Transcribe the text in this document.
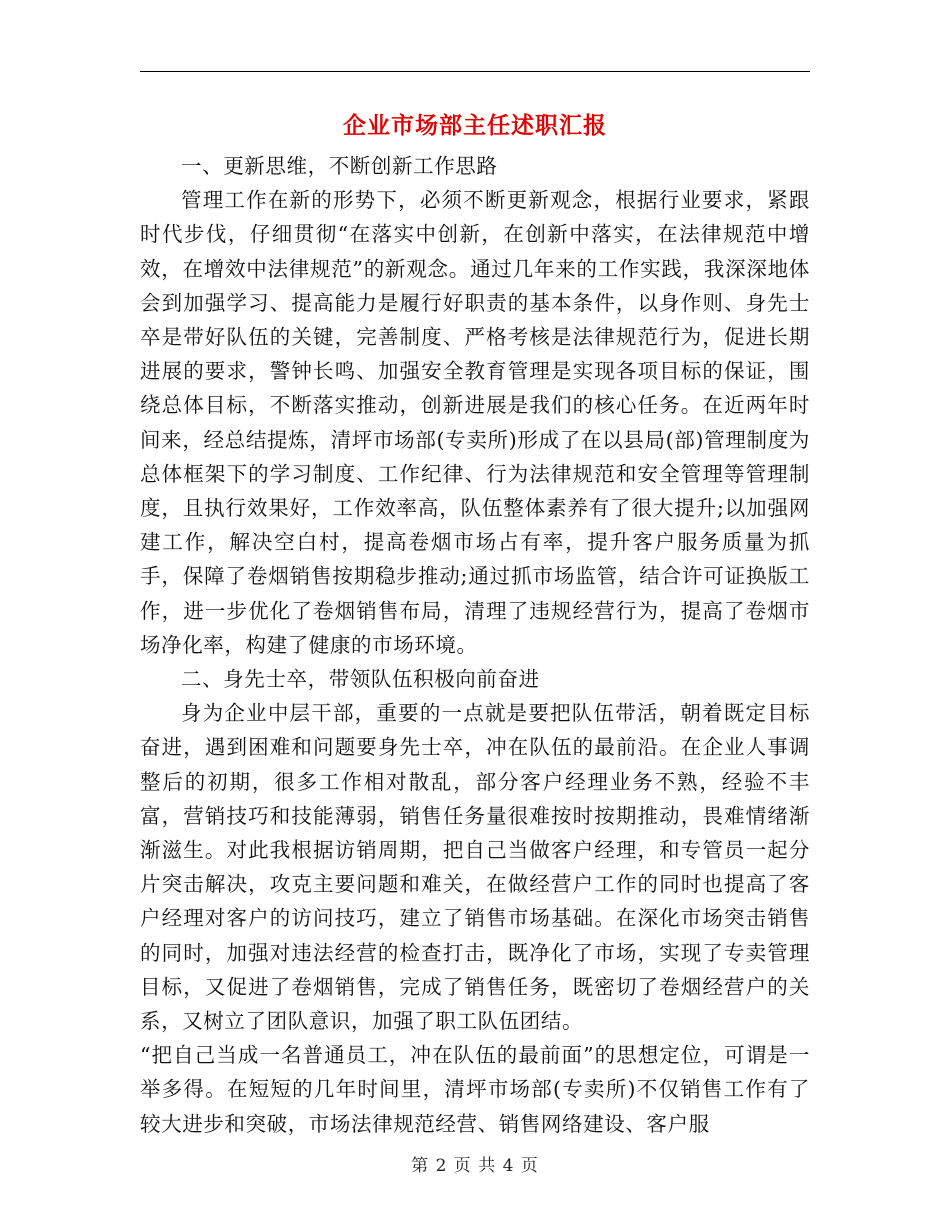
企业市场部主任述职汇报

一、更新思维，不断创新工作思路

管理工作在新的形势下，必须不断更新观念，根据行业要求，紧跟时代步伐，仔细贯彻“在落实中创新，在创新中落实，在法律规范中增效，在增效中法律规范”的新观念。通过几年来的工作实践，我深深地体会到加强学习、提高能力是履行好职责的基本条件，以身作则、身先士卒是带好队伍的关键，完善制度、严格考核是法律规范行为，促进长期进展的要求，警钟长鸣、加强安全教育管理是实现各项目标的保证，围绕总体目标，不断落实推动，创新进展是我们的核心任务。在近两年时间来，经总结提炼，清坪市场部(专卖所)形成了在以县局(部)管理制度为总体框架下的学习制度、工作纪律、行为法律规范和安全管理等管理制度，且执行效果好，工作效率高，队伍整体素养有了很大提升;以加强网建工作，解决空白村，提高卷烟市场占有率，提升客户服务质量为抓手，保障了卷烟销售按期稳步推动;通过抓市场监管，结合许可证换版工作，进一步优化了卷烟销售布局，清理了违规经营行为，提高了卷烟市场净化率，构建了健康的市场环境。

二、身先士卒，带领队伍积极向前奋进

身为企业中层干部，重要的一点就是要把队伍带活，朝着既定目标奋进，遇到困难和问题要身先士卒，冲在队伍的最前沿。在企业人事调整后的初期，很多工作相对散乱，部分客户经理业务不熟，经验不丰富，营销技巧和技能薄弱，销售任务量很难按时按期推动，畏难情绪渐渐滋生。对此我根据访销周期，把自己当做客户经理，和专管员一起分片突击解决，攻克主要问题和难关，在做经营户工作的同时也提高了客户经理对客户的访问技巧，建立了销售市场基础。在深化市场突击销售的同时，加强对违法经营的检查打击，既净化了市场，实现了专卖管理目标，又促进了卷烟销售，完成了销售任务，既密切了卷烟经营户的关系，又树立了团队意识，加强了职工队伍团结。

“把自己当成一名普通员工，冲在队伍的最前面”的思想定位，可谓是一举多得。在短短的几年时间里，清坪市场部(专卖所)不仅销售工作有了较大进步和突破，市场法律规范经营、销售网络建设、客户服

第 2 页 共 4 页
